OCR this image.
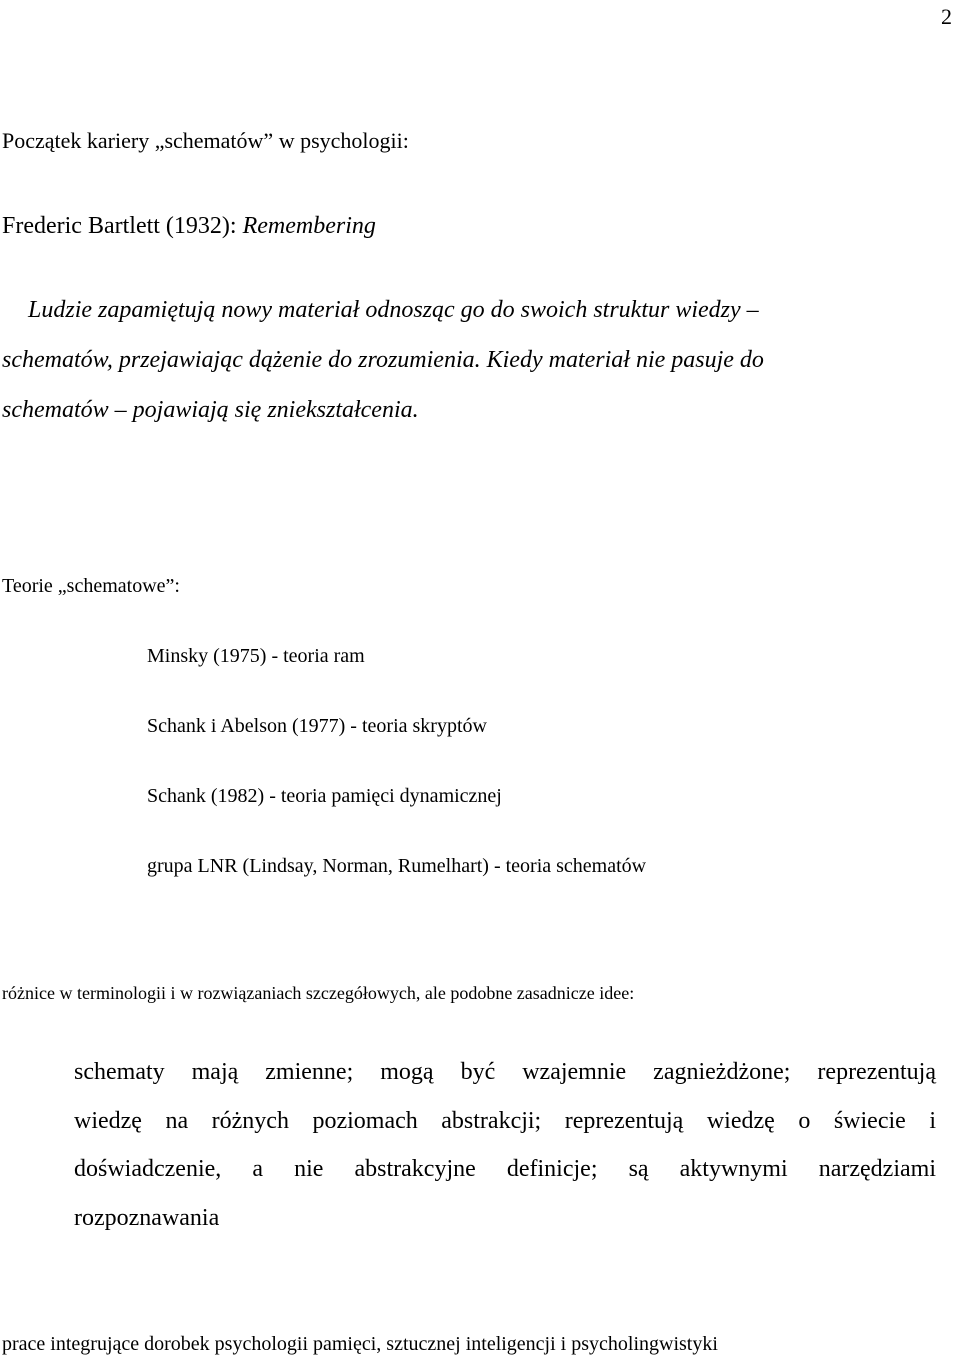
2
Początek kariery „schematów” w psychologii:
Frederic Bartlett (1932): Remembering
Ludzie zapamiętują nowy materiał odnosząc go do swoich struktur wiedzy –
schematów, przejawiając dążenie do zrozumienia. Kiedy materiał nie pasuje do
schematów – pojawiają się zniekształcenia.
Teorie „schematowe”:
Minsky (1975) - teoria ram
Schank i Abelson (1977) - teoria skryptów
Schank (1982) - teoria pamięci dynamicznej
grupa LNR (Lindsay, Norman, Rumelhart) - teoria schematów
różnice w terminologii i w rozwiązaniach szczegółowych, ale podobne zasadnicze idee:
schematy mają zmienne; mogą być wzajemnie zagnieżdżone; reprezentują
wiedzę na różnych poziomach abstrakcji; reprezentują wiedzę o świecie i
doświadczenie, a nie abstrakcyjne definicje; są aktywnymi narzędziami
rozpoznawania
prace integrujące dorobek psychologii pamięci, sztucznej inteligencji i psycholingwistyki
